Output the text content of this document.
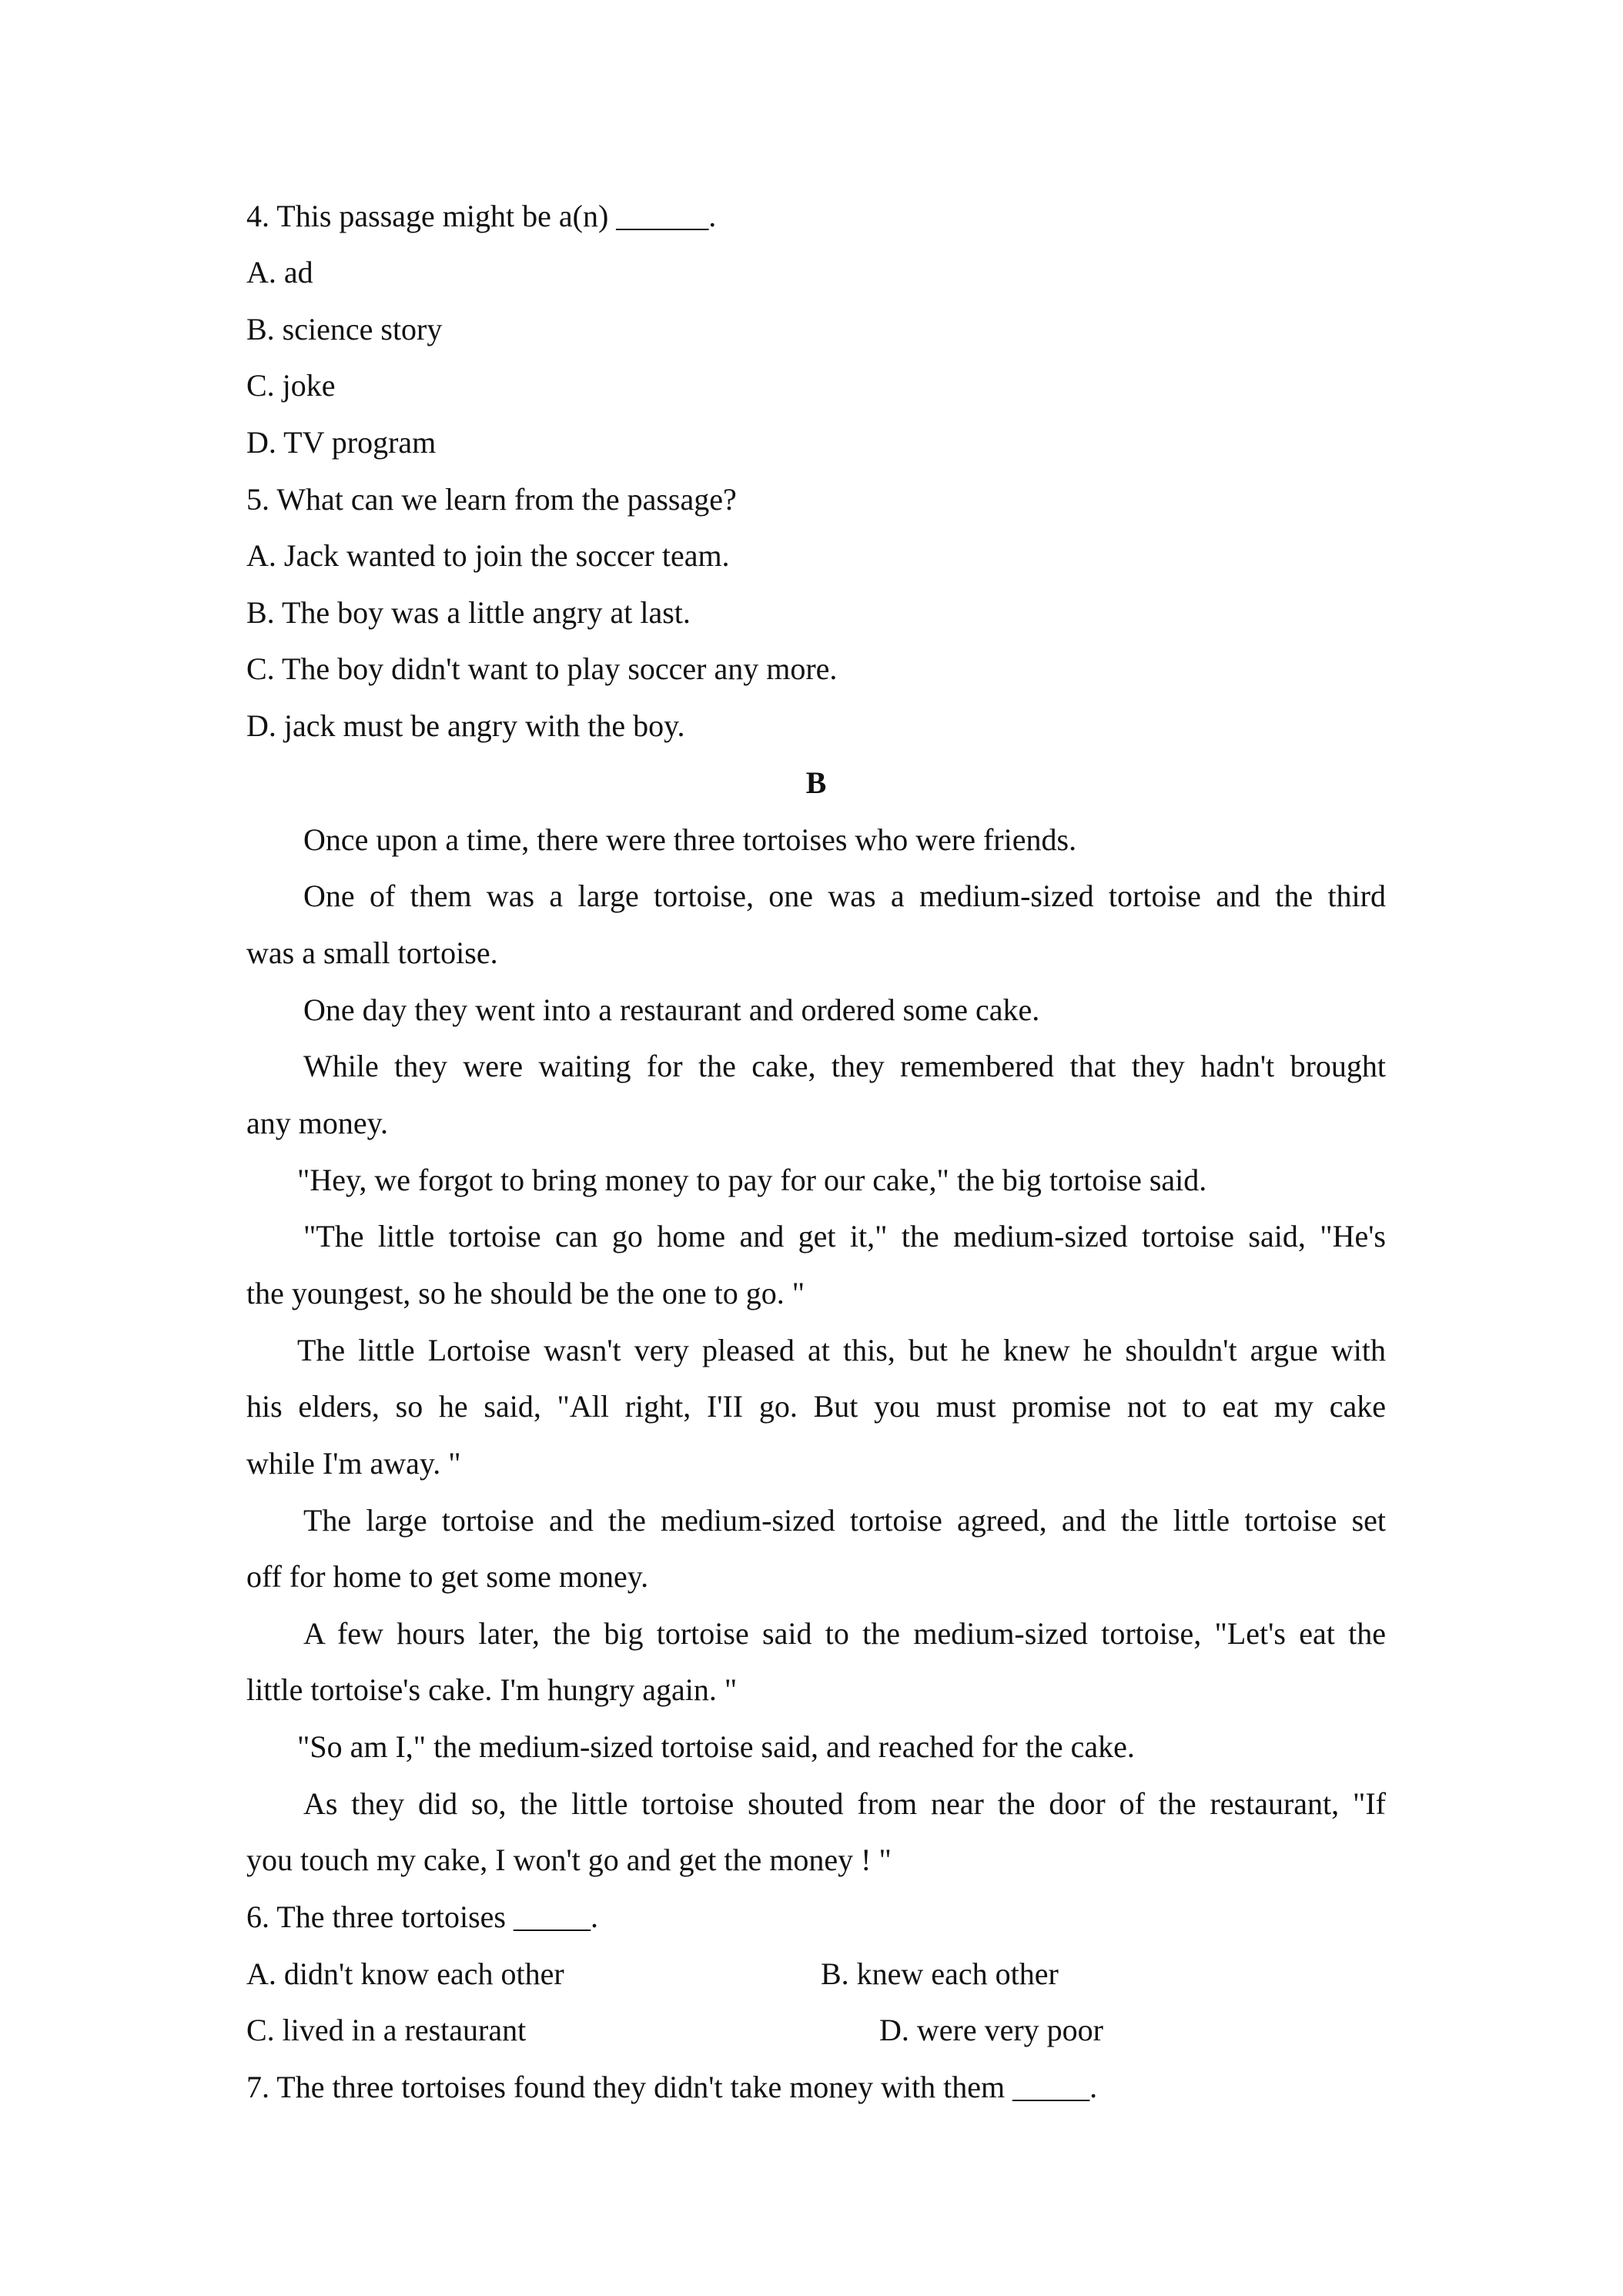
4. This passage might be a(n) ______.
A. ad
B. science story
C. joke
D. TV program
5. What can we learn from the passage?
A. Jack wanted to join the soccer team.
B. The boy was a little angry at last.
C. The boy didn't want to play soccer any more.
D. jack must be angry with the boy.
B
Once upon a time, there were three tortoises who were friends.
One of them was a large tortoise, one was a medium-sized tortoise and the third
was a small tortoise.
One day they went into a restaurant and ordered some cake.
While they were waiting for the cake, they remembered that they hadn't brought
any money.
"Hey, we forgot to bring money to pay for our cake," the big tortoise said.
"The little tortoise can go home and get it," the medium-sized tortoise said, "He's
the youngest, so he should be the one to go. "
The little Lortoise wasn't very pleased at this, but he knew he shouldn't argue with
his elders, so he said, "All right, I'II go. But you must promise not to eat my cake
while I'm away. "
The large tortoise and the medium-sized tortoise agreed, and the little tortoise set
off for home to get some money.
A few hours later, the big tortoise said to the medium-sized tortoise, "Let's eat the
little tortoise's cake. I'm hungry again. "
"So am I," the medium-sized tortoise said, and reached for the cake.
As they did so, the little tortoise shouted from near the door of the restaurant, "If
you touch my cake, I won't go and get the money ! "
6. The three tortoises _____.
A. didn't know each other	B. knew each other
C. lived in a restaurant	D. were very poor
7. The three tortoises found they didn't take money with them _____.
